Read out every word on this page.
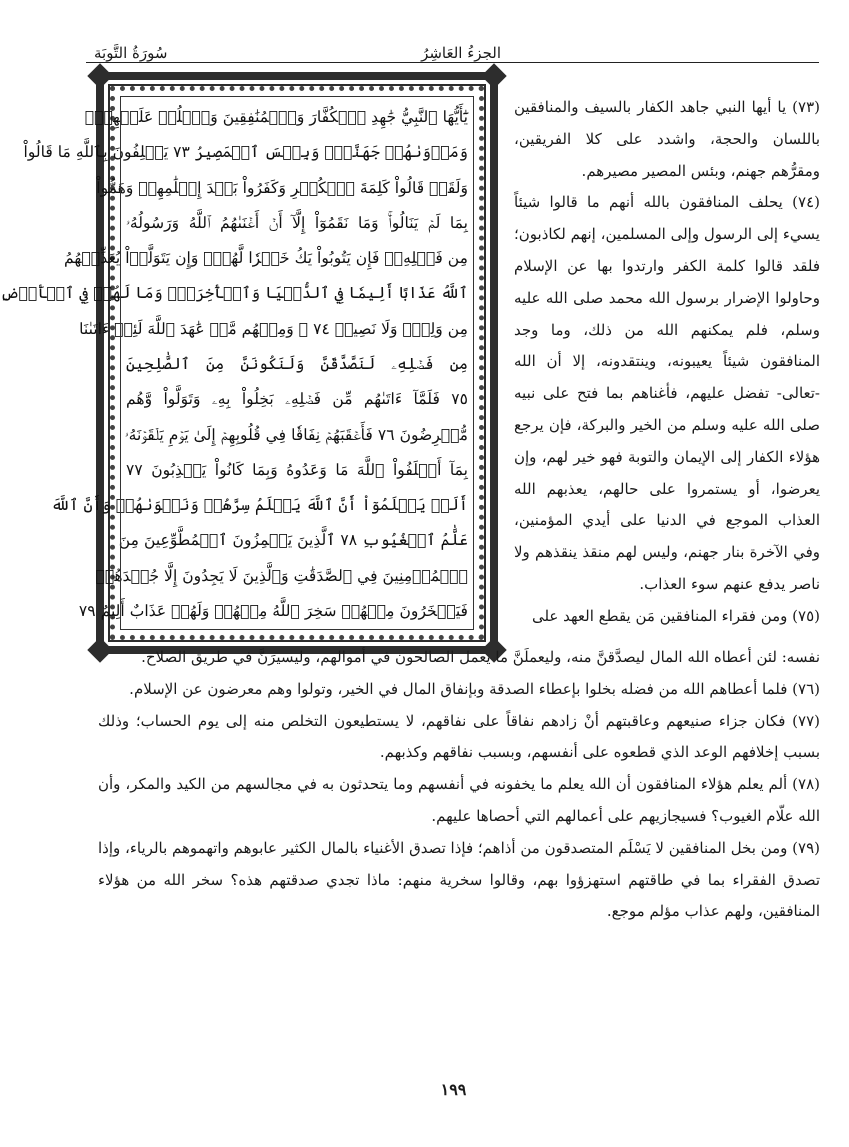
الجزءُ العَاشِرُ
سُورَةُ التَّوبَة
يَٰٓأَيُّهَا ٱلنَّبِيُّ جَٰهِدِ ٱلۡكُفَّارَ وَٱلۡمُنَٰفِقِينَ وَٱغۡلُظۡ عَلَيۡهِمۡۚ
وَمَأۡوَىٰهُمۡ جَهَنَّمُۖ وَبِئۡسَ ٱلۡمَصِيرُ ٧٣ يَحۡلِفُونَ بِٱللَّهِ مَا قَالُواْ
وَلَقَدۡ قَالُواْ كَلِمَةَ ٱلۡكُفۡرِ وَكَفَرُواْ بَعۡدَ إِسۡلَٰمِهِمۡ وَهَمُّواْ
بِمَا لَمۡ يَنَالُواْۚ وَمَا نَقَمُوٓاْ إِلَّآ أَنۡ أَغۡنَىٰهُمُ ٱللَّهُ وَرَسُولُهُۥ
مِن فَضۡلِهِۦۚ فَإِن يَتُوبُواْ يَكُ خَيۡرٗا لَّهُمۡۖ وَإِن يَتَوَلَّوۡاْ يُعَذِّبۡهُمُ
ٱللَّهُ عَذَابًا أَلِيمٗا فِي ٱلدُّنۡيَا وَٱلۡأٓخِرَةِۚ وَمَا لَهُمۡ فِي ٱلۡأَرۡضِ
مِن وَلِيّٖ وَلَا نَصِيرٖ ٧٤ ۞ وَمِنۡهُم مَّنۡ عَٰهَدَ ٱللَّهَ لَئِنۡ ءَاتَىٰنَا
مِن فَضۡلِهِۦ لَنَصَّدَّقَنَّ وَلَنَكُونَنَّ مِنَ ٱلصَّٰلِحِينَ
٧٥ فَلَمَّآ ءَاتَىٰهُم مِّن فَضۡلِهِۦ بَخِلُواْ بِهِۦ وَتَوَلَّواْ وَّهُم
مُّعۡرِضُونَ ٧٦ فَأَعۡقَبَهُمۡ نِفَاقٗا فِي قُلُوبِهِمۡ إِلَىٰ يَوۡمِ يَلۡقَوۡنَهُۥ
بِمَآ أَخۡلَفُواْ ٱللَّهَ مَا وَعَدُوهُ وَبِمَا كَانُواْ يَكۡذِبُونَ ٧٧
أَلَمۡ يَعۡلَمُوٓاْ أَنَّ ٱللَّهَ يَعۡلَمُ سِرَّهُمۡ وَنَجۡوَىٰهُمۡ وَأَنَّ ٱللَّهَ
عَلَّٰمُ ٱلۡغُيُوبِ ٧٨ ٱلَّذِينَ يَلۡمِزُونَ ٱلۡمُطَّوِّعِينَ مِنَ
ٱلۡمُؤۡمِنِينَ فِي ٱلصَّدَقَٰتِ وَٱلَّذِينَ لَا يَجِدُونَ إِلَّا جُهۡدَهُمۡ
فَيَسۡخَرُونَ مِنۡهُمۡ سَخِرَ ٱللَّهُ مِنۡهُمۡ وَلَهُمۡ عَذَابٌ أَلِيمٌ ٧٩

(٧٣) يا أيها النبي جاهد الكفار بالسيف والمنافقين باللسان والحجة، واشدد على كلا الفريقين، ومقرُّهم جهنم، وبئس المصير مصيرهم.

(٧٤) يحلف المنافقون بالله أنهم ما قالوا شيئاً يسيء إلى الرسول وإلى المسلمين، إنهم لكاذبون؛ فلقد قالوا كلمة الكفر وارتدوا بها عن الإسلام وحاولوا الإضرار برسول الله محمد صلى الله عليه وسلم، فلم يمكنهم الله من ذلك، وما وجد المنافقون شيئاً يعيبونه، وينتقدونه، إلا أن الله -تعالى- تفضل عليهم، فأغناهم بما فتح على نبيه صلى الله عليه وسلم من الخير والبركة، فإن يرجع هؤلاء الكفار إلى الإيمان والتوبة فهو خير لهم، وإن يعرضوا، أو يستمروا على حالهم، يعذبهم الله العذاب الموجع في الدنيا على أيدي المؤمنين، وفي الآخرة بنار جهنم، وليس لهم منقذ ينقذهم ولا ناصر يدفع عنهم سوء العذاب.

(٧٥) ومن فقراء المنافقين مَن يقطع العهد على

نفسه: لئن أعطاه الله المال ليصدَّقنَّ منه، وليعملَنَّ ما يعمل الصالحون في أموالهم، وليسيرَنَّ في طريق الصلاح.

(٧٦) فلما أعطاهم الله من فضله بخلوا بإعطاء الصدقة وبإنفاق المال في الخير، وتولوا وهم معرضون عن الإسلام.

(٧٧) فكان جزاء صنيعهم وعاقبتهم أنْ زادهم نفاقاً على نفاقهم، لا يستطيعون التخلص منه إلى يوم الحساب؛ وذلك بسبب إخلافهم الوعد الذي قطعوه على أنفسهم، وبسبب نفاقهم وكذبهم.

(٧٨) ألم يعلم هؤلاء المنافقون أن الله يعلم ما يخفونه في أنفسهم وما يتحدثون به في مجالسهم من الكيد والمكر، وأن الله علّام الغيوب؟ فسيجازيهم على أعمالهم التي أحصاها عليهم.

(٧٩) ومن بخل المنافقين لا يَسْلَم المتصدقون من أذاهم؛ فإذا تصدق الأغنياء بالمال الكثير عابوهم واتهموهم بالرياء، وإذا تصدق الفقراء بما في طاقتهم استهزؤوا بهم، وقالوا سخرية منهم: ماذا تجدي صدقتهم هذه؟ سخر الله من هؤلاء المنافقين، ولهم عذاب مؤلم موجع.

١٩٩
